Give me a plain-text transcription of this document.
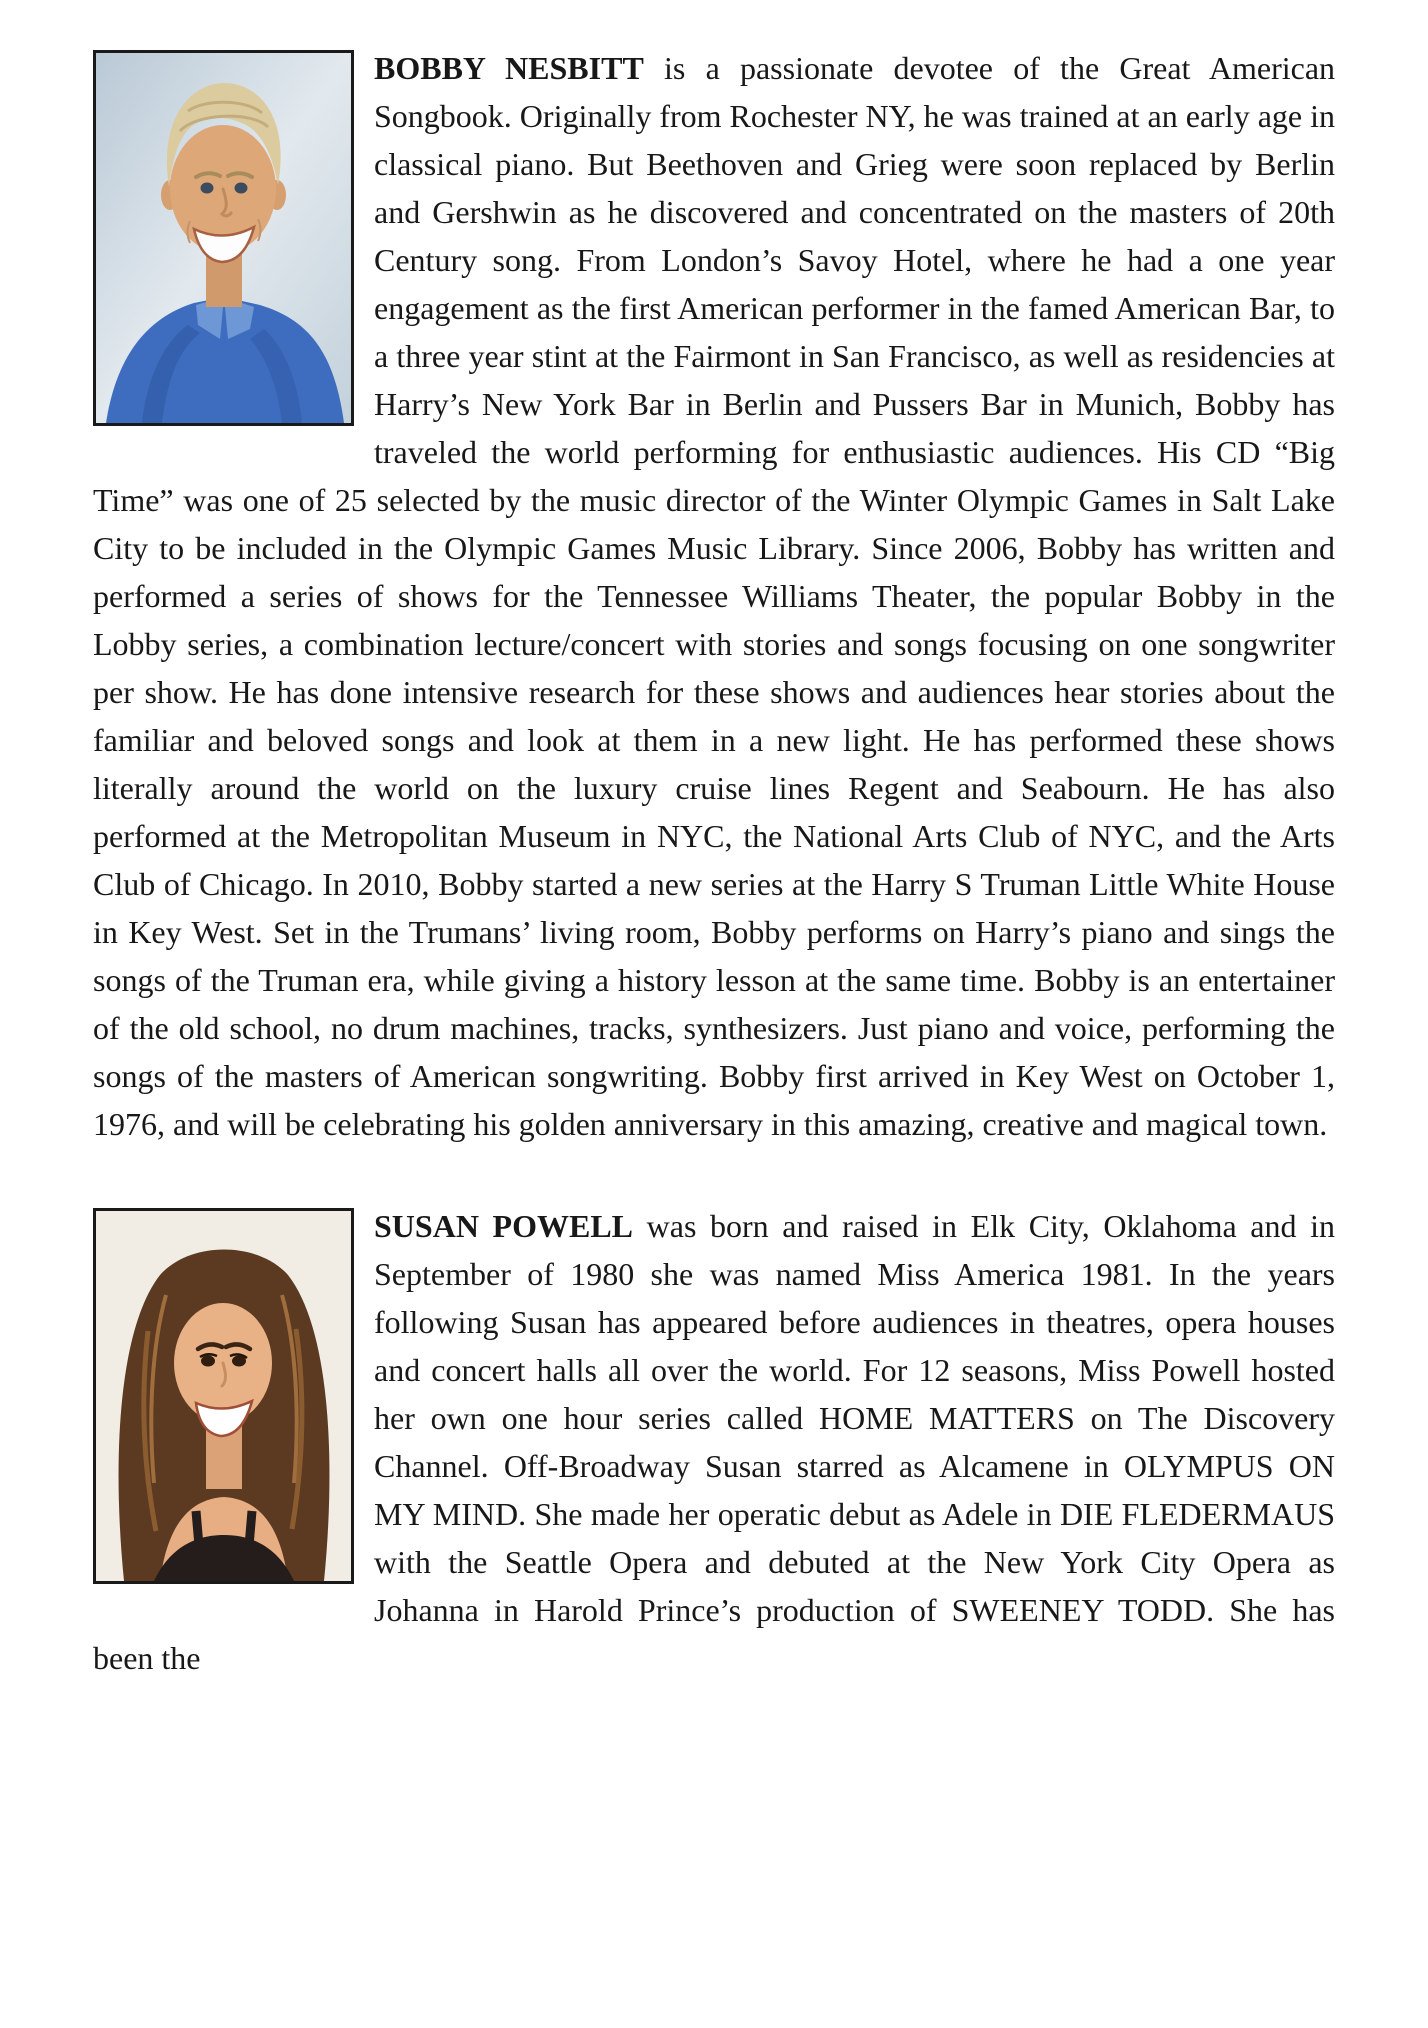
BOBBY NESBITT is a passionate devotee of the Great American Songbook. Originally from Rochester NY, he was trained at an early age in classical piano. But Beethoven and Grieg were soon replaced by Berlin and Gershwin as he discovered and concentrated on the masters of 20th Century song. From London’s Savoy Hotel, where he had a one year engagement as the first American performer in the famed American Bar, to a three year stint at the Fairmont in San Francisco, as well as residencies at Harry’s New York Bar in Berlin and Pussers Bar in Munich, Bobby has traveled the world performing for enthusiastic audiences. His CD “Big Time” was one of 25 selected by the music director of the Winter Olympic Games in Salt Lake City to be included in the Olympic Games Music Library. Since 2006, Bobby has written and performed a series of shows for the Tennessee Williams Theater, the popular Bobby in the Lobby series, a combination lecture/concert with stories and songs focusing on one songwriter per show. He has done intensive research for these shows and audiences hear stories about the familiar and beloved songs and look at them in a new light. He has performed these shows literally around the world on the luxury cruise lines Regent and Seabourn. He has also performed at the Metropolitan Museum in NYC, the National Arts Club of NYC, and the Arts Club of Chicago. In 2010, Bobby started a new series at the Harry S Truman Little White House in Key West. Set in the Trumans’ living room, Bobby performs on Harry’s piano and sings the songs of the Truman era, while giving a history lesson at the same time. Bobby is an entertainer of the old school, no drum machines, tracks, synthesizers. Just piano and voice, performing the songs of the masters of American songwriting. Bobby first arrived in Key West on October 1, 1976, and will be celebrating his golden anniversary in this amazing, creative and magical town.

SUSAN POWELL was born and raised in Elk City, Oklahoma and in September of 1980 she was named Miss America 1981. In the years following Susan has appeared before audiences in theatres, opera houses and concert halls all over the world. For 12 seasons, Miss Powell hosted her own one hour series called HOME MATTERS on The Discovery Channel. Off-Broadway Susan starred as Alcamene in OLYMPUS ON MY MIND. She made her operatic debut as Adele in DIE FLEDERMAUS with the Seattle Opera and debuted at the New York City Opera as Johanna in Harold Prince’s production of SWEENEY TODD. She has been the
